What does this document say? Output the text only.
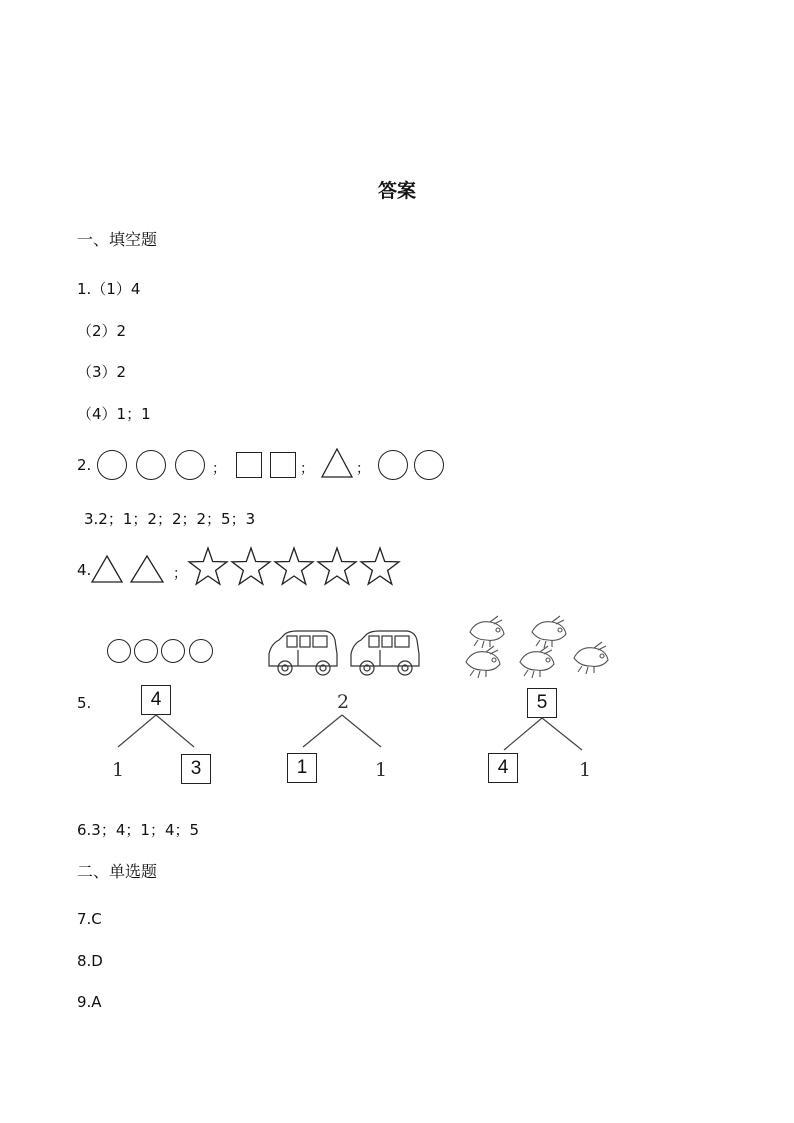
答案
一、填空题
1.（1）4
（2）2
（3）2
（4）1；1
2.	；	；	；
3.2；1；2；2；2；5；3
4.	；
5.	4
1	3
2
1	1
5
4	1
6.3；4；1；4；5
二、单选题
7.C
8.D
9.A
